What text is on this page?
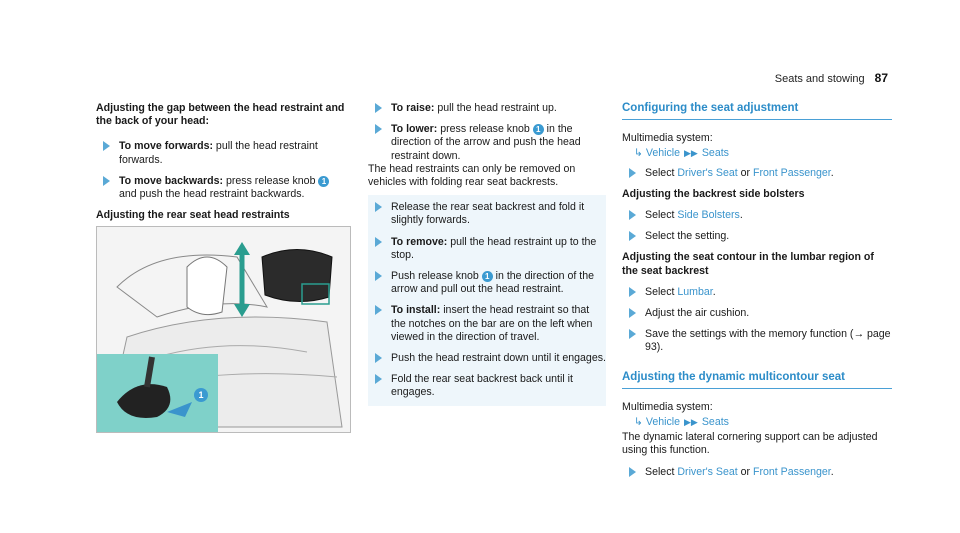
Seats and stowing 87
Adjusting the gap between the head restraint and the back of your head:
To move forwards: pull the head restraint forwards.
To move backwards: press release knob 1 and push the head restraint backwards.
Adjusting the rear seat head restraints
1
To raise: pull the head restraint up.
To lower: press release knob 1 in the direction of the arrow and push the head restraint down.
The head restraints can only be removed on vehicles with folding rear seat backrests.
Release the rear seat backrest and fold it slightly forwards.
To remove: pull the head restraint up to the stop.
Push release knob 1 in the direction of the arrow and pull out the head restraint.
To install: insert the head restraint so that the notches on the bar are on the left when viewed in the direction of travel.
Push the head restraint down until it engages.
Fold the rear seat backrest back until it engages.
Configuring the seat adjustment
Multimedia system:
↳ Vehicle ▶▶ Seats
Select Driver's Seat or Front Passenger.
Adjusting the backrest side bolsters
Select Side Bolsters.
Select the setting.
Adjusting the seat contour in the lumbar region of the seat backrest
Select Lumbar.
Adjust the air cushion.
Save the settings with the memory function (→ page 93).
Adjusting the dynamic multicontour seat
Multimedia system:
↳ Vehicle ▶▶ Seats
The dynamic lateral cornering support can be adjusted using this function.
Select Driver's Seat or Front Passenger.
